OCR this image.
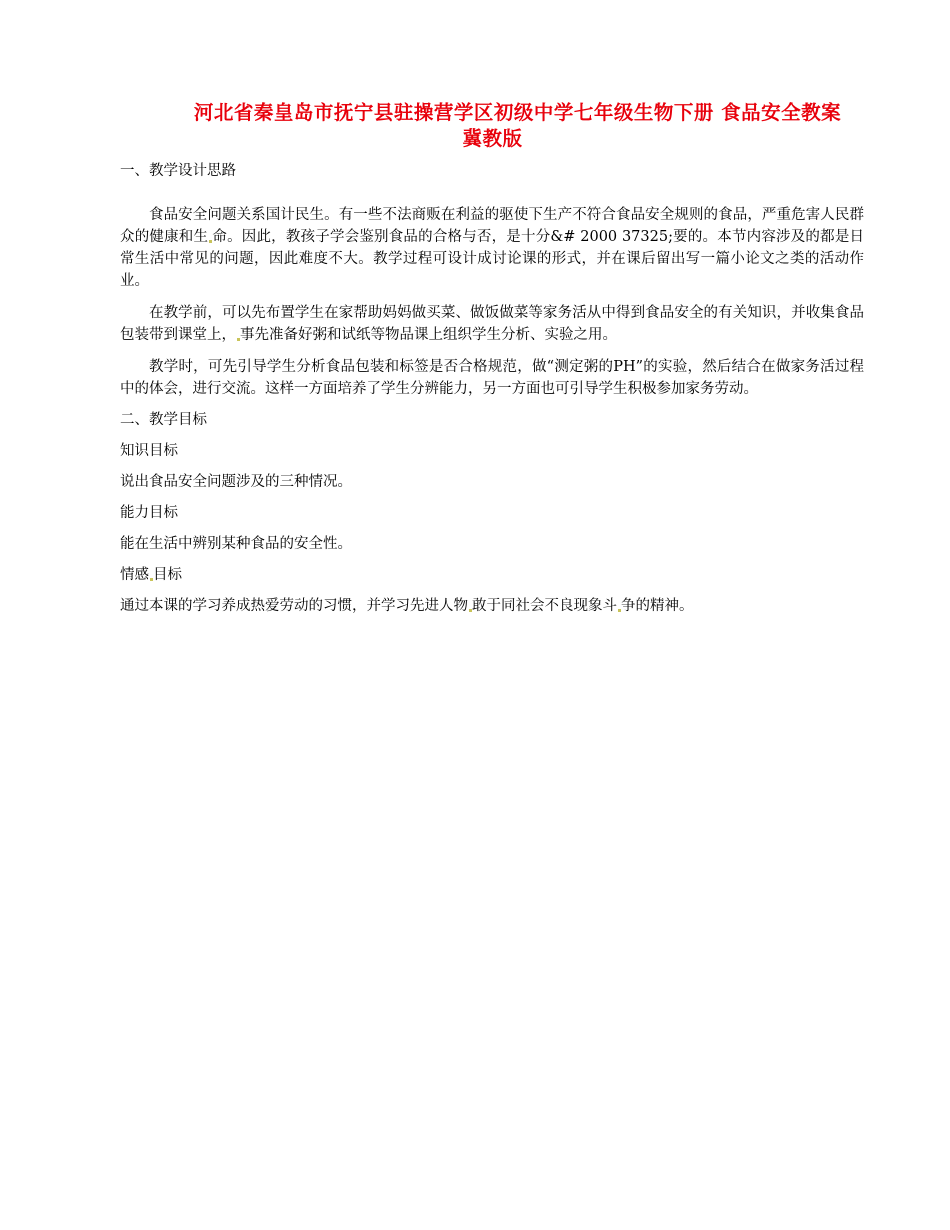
河北省秦皇岛市抚宁县驻操营学区初级中学七年级生物下册 食品安全教案
冀教版

一、教学设计思路

食品安全问题关系国计民生。有一些不法商贩在利益的驱使下生产不符合食品安全规则的食品，严重危害人民群众的健康和生 命。因此，教孩子学会鉴别食品的合格与否，是十分&# 2000 37325;要的。本节内容涉及的都是日常生活中常见的问题，因此难度不大。教学过程可设计成讨论课的形式，并在课后留出写一篇小论文之类的活动作业。

在教学前，可以先布置学生在家帮助妈妈做买菜、做饭做菜等家务活从中得到食品安全的有关知识，并收集食品包装带到课堂上， 事先准备好粥和试纸等物品课上组织学生分析、实验之用。

教学时，可先引导学生分析食品包装和标签是否合格规范，做“测定粥的PH”的实验，然后结合在做家务活过程中的体会，进行交流。这样一方面培养了学生分辨能力，另一方面也可引导学生积极参加家务劳动。

二、教学目标

知识目标

说出食品安全问题涉及的三种情况。

能力目标

能在生活中辨别某种食品的安全性。

情感 目标

通过本课的学习养成热爱劳动的习惯，并学习先进人物 敢于同社会不良现象斗 争的精神。
